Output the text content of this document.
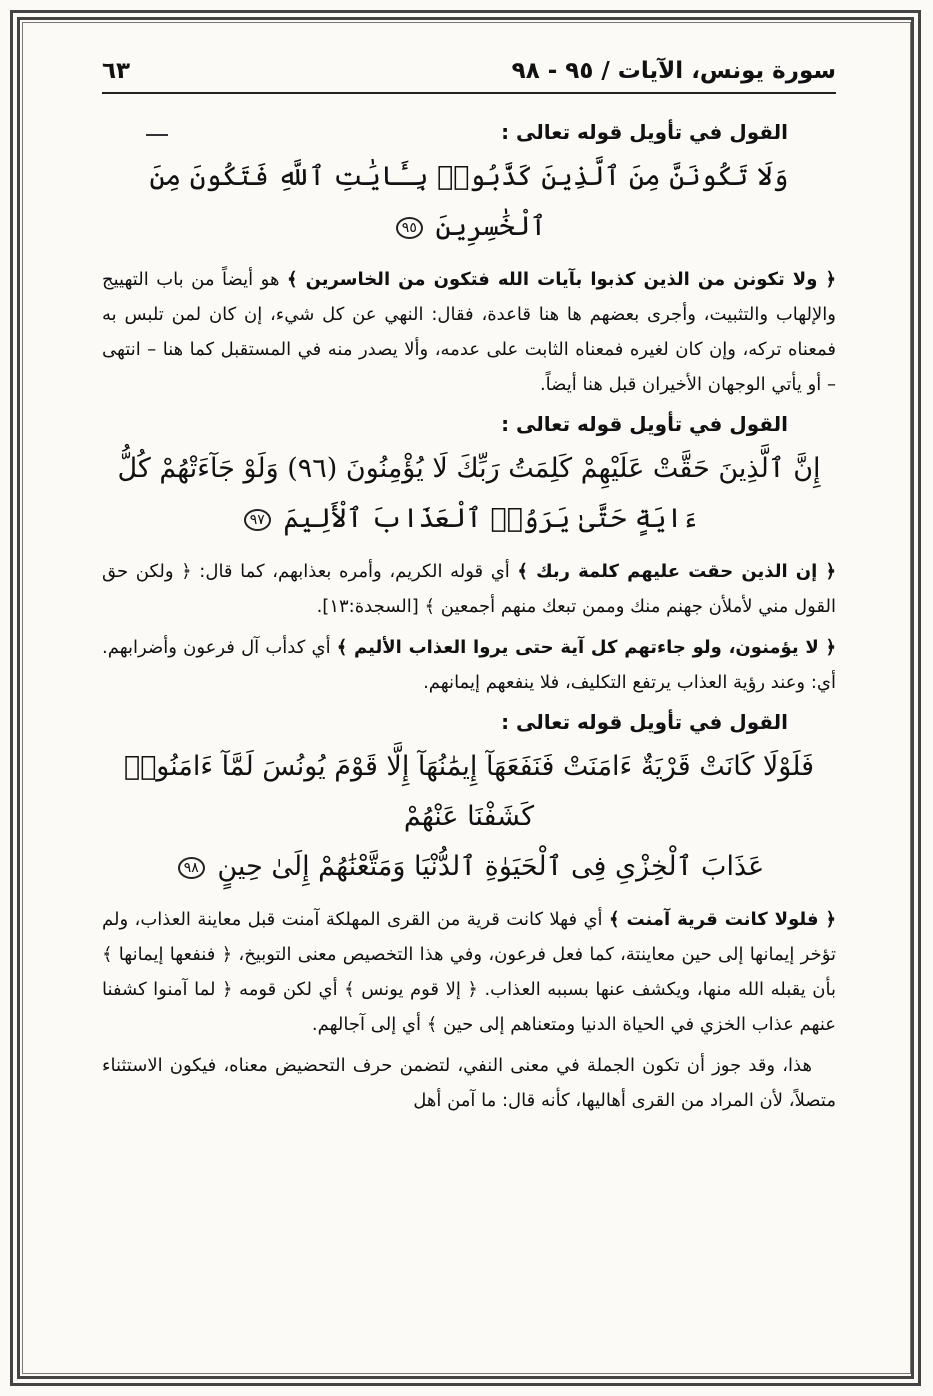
سورة يونس، الآيات / ٩٥ - ٩٨
٦٣
القول في تأويل قوله تعالى :
وَلَا تَكُونَنَّ مِنَ ٱلَّذِينَ كَذَّبُوا۟ بِـَٔايَٰتِ ٱللَّهِ فَتَكُونَ مِنَ ٱلْخَٰسِرِينَ ٩٥

﴿ ولا تكونن من الذين كذبوا بآيات الله فتكون من الخاسرين ﴾ هو أيضاً من باب التهييج والإلهاب والتثبيت، وأجرى بعضهم ها هنا قاعدة، فقال: النهي عن كل شيء، إن كان لمن تلبس به فمعناه تركه، وإن كان لغيره فمعناه الثابت على عدمه، وألا يصدر منه في المستقبل كما هنا – انتهى – أو يأتي الوجهان الأخيران قبل هنا أيضاً.

القول في تأويل قوله تعالى :
إِنَّ ٱلَّذِينَ حَقَّتْ عَلَيْهِمْ كَلِمَتُ رَبِّكَ لَا يُؤْمِنُونَ (٩٦) وَلَوْ جَآءَتْهُمْ كُلُّ
ءَايَةٍ حَتَّىٰ يَرَوُا۟ ٱلْعَذَابَ ٱلْأَلِيمَ ٩٧

﴿ إن الذين حقت عليهم كلمة ربك ﴾ أي قوله الكريم، وأمره بعذابهم، كما قال: ﴿ ولكن حق القول مني لأملأن جهنم منك وممن تبعك منهم أجمعين ﴾ [السجدة:١٣].

﴿ لا يؤمنون، ولو جاءتهم كل آية حتى يروا العذاب الأليم ﴾ أي كدأب آل فرعون وأضرابهم. أي: وعند رؤية العذاب يرتفع التكليف، فلا ينفعهم إيمانهم.

القول في تأويل قوله تعالى :
فَلَوْلَا كَانَتْ قَرْيَةٌ ءَامَنَتْ فَنَفَعَهَآ إِيمَٰنُهَآ إِلَّا قَوْمَ يُونُسَ لَمَّآ ءَامَنُوا۟ كَشَفْنَا عَنْهُمْ
عَذَابَ ٱلْخِزْىِ فِى ٱلْحَيَوٰةِ ٱلدُّنْيَا وَمَتَّعْنَٰهُمْ إِلَىٰ حِينٍ ٩٨

﴿ فلولا كانت قرية آمنت ﴾ أي فهلا كانت قرية من القرى المهلكة آمنت قبل معاينة العذاب، ولم تؤخر إيمانها إلى حين معاينتة، كما فعل فرعون، وفي هذا التخصيص معنى التوبيخ، ﴿ فنفعها إيمانها ﴾ بأن يقبله الله منها، ويكشف عنها بسببه العذاب. ﴿ إلا قوم يونس ﴾ أي لكن قومه ﴿ لما آمنوا كشفنا عنهم عذاب الخزي في الحياة الدنيا ومتعناهم إلى حين ﴾ أي إلى آجالهم.

هذا، وقد جوز أن تكون الجملة في معنى النفي، لتضمن حرف التحضيض معناه، فيكون الاستثناء متصلاً، لأن المراد من القرى أهاليها، كأنه قال: ما آمن أهل
